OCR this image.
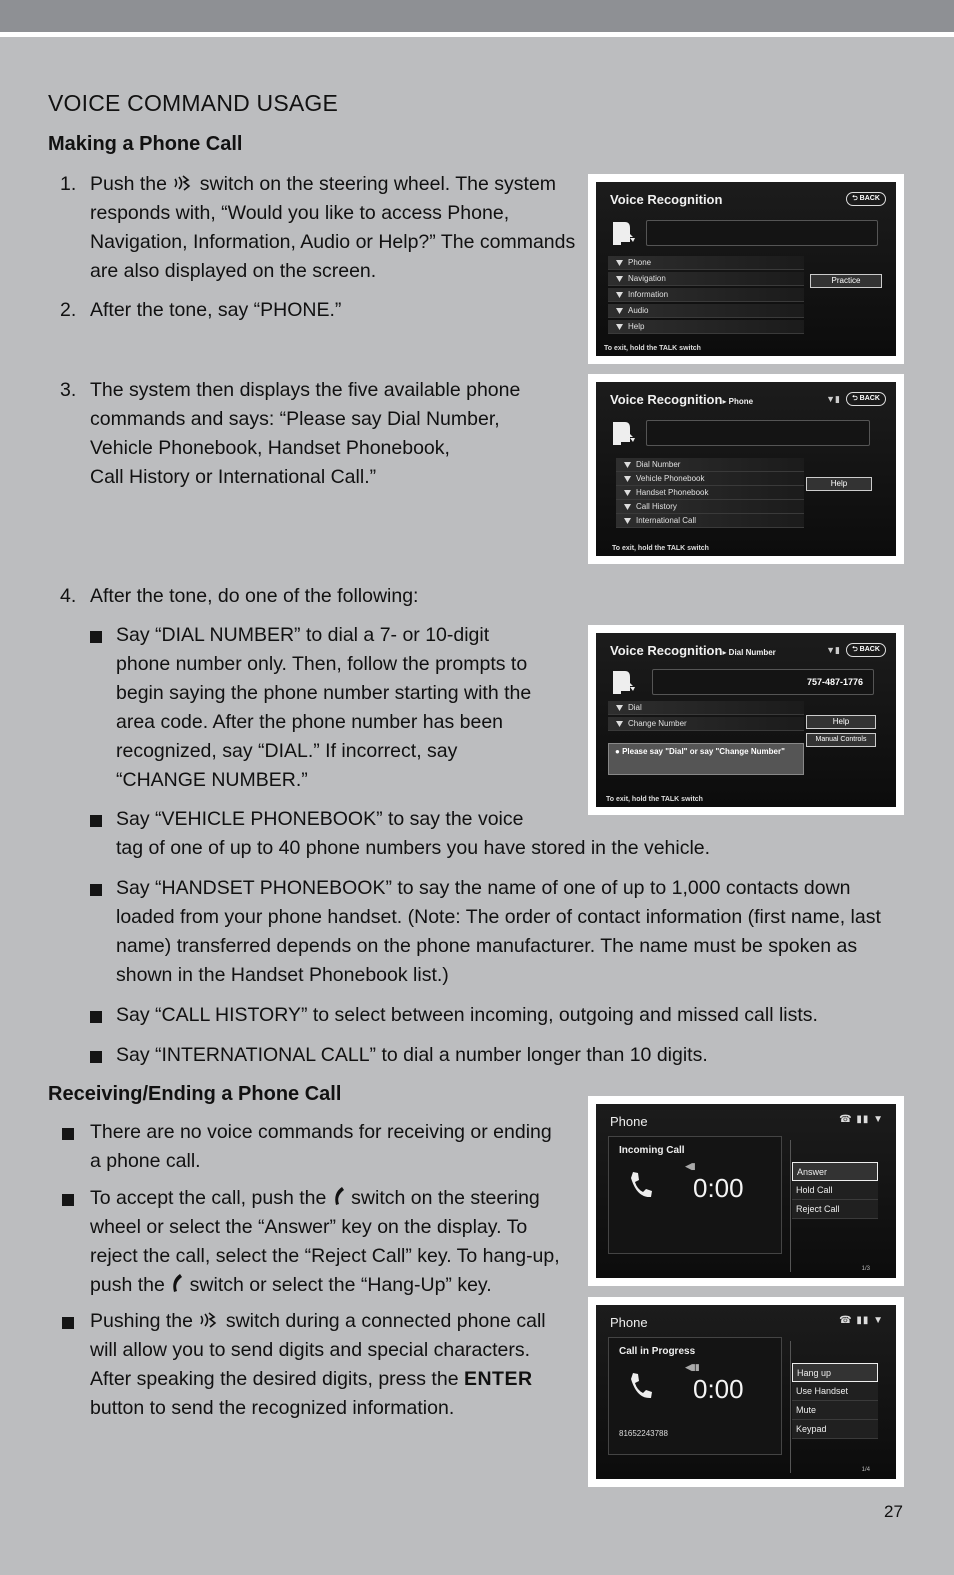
VOICE COMMAND USAGE
Making a Phone Call
1. Push the  switch on the steering wheel. The system
responds with, “Would you like to access Phone,
Navigation, Information, Audio or Help?” The commands
are also displayed on the screen.
2. After the tone, say “PHONE.”
3. The system then displays the five available phone
commands and says: “Please say Dial Number,
Vehicle Phonebook, Handset Phonebook,
Call History or International Call.”
4. After the tone, do one of the following:
Say “DIAL NUMBER” to dial a 7- or 10-digit
phone number only. Then, follow the prompts to
begin saying the phone number starting with the
area code. After the phone number has been
recognized, say “DIAL.” If incorrect, say
“CHANGE NUMBER.”
Say “VEHICLE PHONEBOOK” to say the voice
tag of one of up to 40 phone numbers you have stored in the vehicle.
Say “HANDSET PHONEBOOK” to say the name of one of up to 1,000 contacts down
loaded from your phone handset. (Note: The order of contact information (first name, last
name) transferred depends on the phone manufacturer. The name must be spoken as
shown in the Handset Phonebook list.)
Say “CALL HISTORY” to select between incoming, outgoing and missed call lists.
Say “INTERNATIONAL CALL” to dial a number longer than 10 digits.
Receiving/Ending a Phone Call
There are no voice commands for receiving or ending
a phone call.
To accept the call, push the  switch on the steering
wheel or select the “Answer” key on the display. To
reject the call, select the “Reject Call” key. To hang-up,
push the  switch or select the “Hang-Up” key.
Pushing the  switch during a connected phone call
will allow you to send digits and special characters.
After speaking the desired digits, press the ENTER
button to send the recognized information.
Voice Recognition	⮌ BACK
Phone
Navigation
Information
Audio
Help
Practice
To exit, hold the TALK switch
Voice Recognition▸ Phone	▼▮	⮌ BACK
Dial Number
Vehicle Phonebook
Handset Phonebook
Call History
International Call
Help
To exit, hold the TALK switch
Voice Recognition▸ Dial Number	▼▮	⮌ BACK
757-487-1776
Dial
Change Number
● Please say "Dial" or say "Change Number"
Help
Manual Controls
To exit, hold the TALK switch
Phone	☎ ▮▮ ▼
Incoming Call
◀▮
0:00
Answer
Hold Call
Reject Call
1/3
Phone	☎ ▮▮ ▼
Call in Progress
◀▮▮
0:00
81652243788
Hang up
Use Handset
Mute
Keypad
1/4
27
